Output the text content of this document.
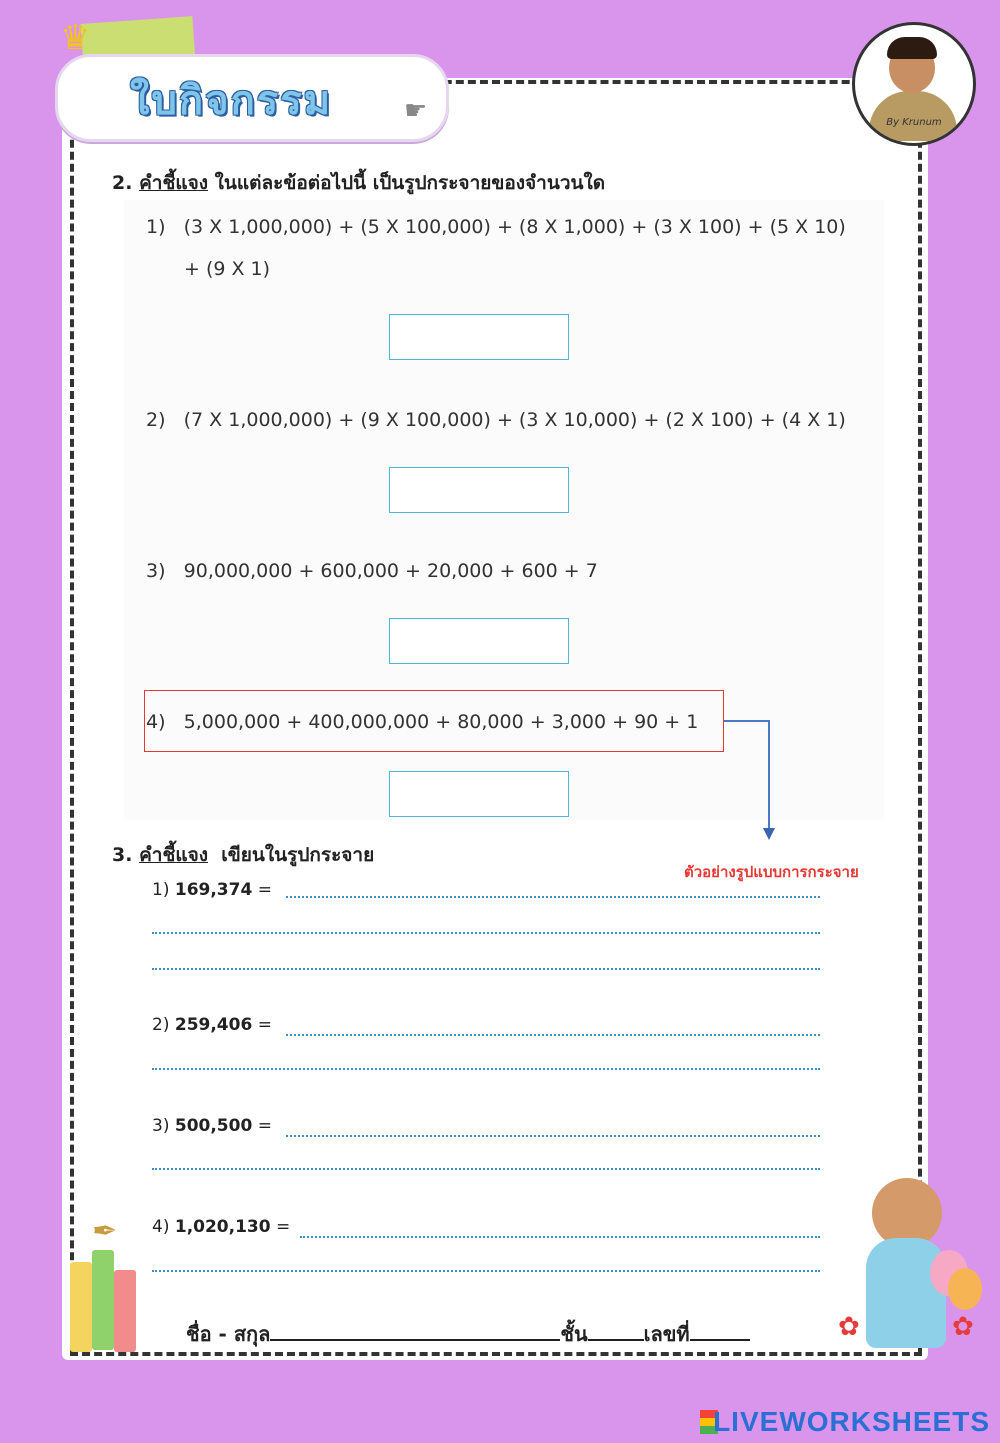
♛
ใบกิจกรรม	☛	By Krunum
2. คำชี้แจง ในแต่ละข้อต่อไปนี้ เป็นรูปกระจายของจำนวนใด
1) (3 X 1,000,000) + (5 X 100,000) + (8 X 1,000) + (3 X 100) + (5 X 10)
+ (9 X 1)
2) (7 X 1,000,000) + (9 X 100,000) + (3 X 10,000) + (2 X 100) + (4 X 1)
3) 90,000,000 + 600,000 + 20,000 + 600 + 7
4) 5,000,000 + 400,000,000 + 80,000 + 3,000 + 90 + 1
ตัวอย่างรูปแบบการกระจาย
3. คำชี้แจง เขียนในรูปกระจาย
1) 169,374 =
2) 259,406 =
3) 500,500 =
4) 1,020,130 =
✒
✿	✿
ชื่อ - สกุล	ชั้น	เลขที่
LIVEWORKSHEETS
